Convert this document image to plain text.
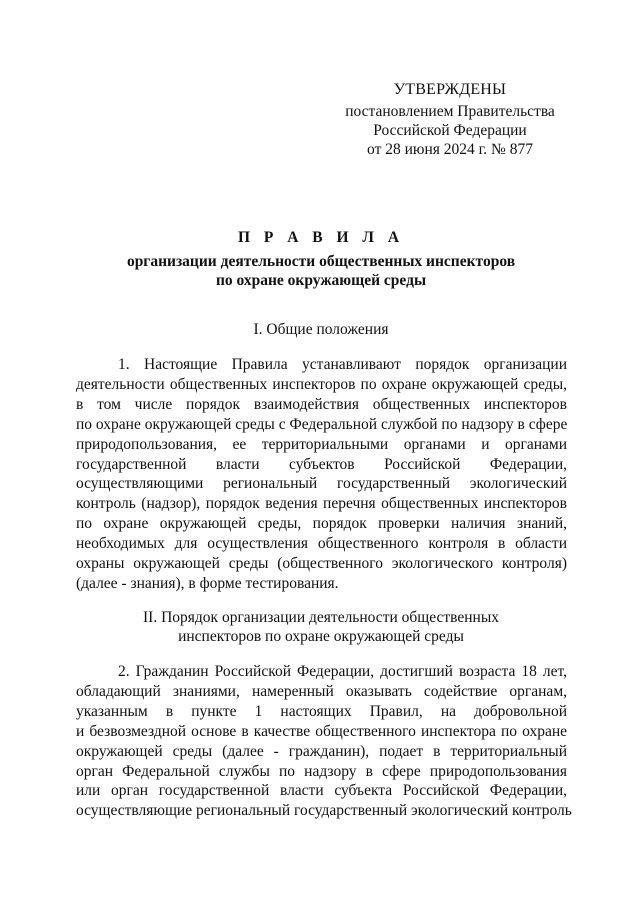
УТВЕРЖДЕНЫ
постановлением Правительства
Российской Федерации
от 28 июня 2024 г. № 877
П Р А В И Л А
организации деятельности общественных инспекторов
по охране окружающей среды
I. Общие положения
1. Настоящие Правила устанавливают порядок организации
деятельности общественных инспекторов по охране окружающей среды,
в том числе порядок взаимодействия общественных инспекторов
по охране окружающей среды с Федеральной службой по надзору в сфере
природопользования, ее территориальными органами и органами
государственной власти субъектов Российской Федерации,
осуществляющими региональный государственный экологический
контроль (надзор), порядок ведения перечня общественных инспекторов
по охране окружающей среды, порядок проверки наличия знаний,
необходимых для осуществления общественного контроля в области
охраны окружающей среды (общественного экологического контроля)
(далее - знания), в форме тестирования.
II. Порядок организации деятельности общественных
инспекторов по охране окружающей среды
2. Гражданин Российской Федерации, достигший возраста 18 лет,
обладающий знаниями, намеренный оказывать содействие органам,
указанным в пункте 1 настоящих Правил, на добровольной
и безвозмездной основе в качестве общественного инспектора по охране
окружающей среды (далее - гражданин), подает в территориальный
орган Федеральной службы по надзору в сфере природопользования
или орган государственной власти субъекта Российской Федерации,
осуществляющие региональный государственный экологический контроль
